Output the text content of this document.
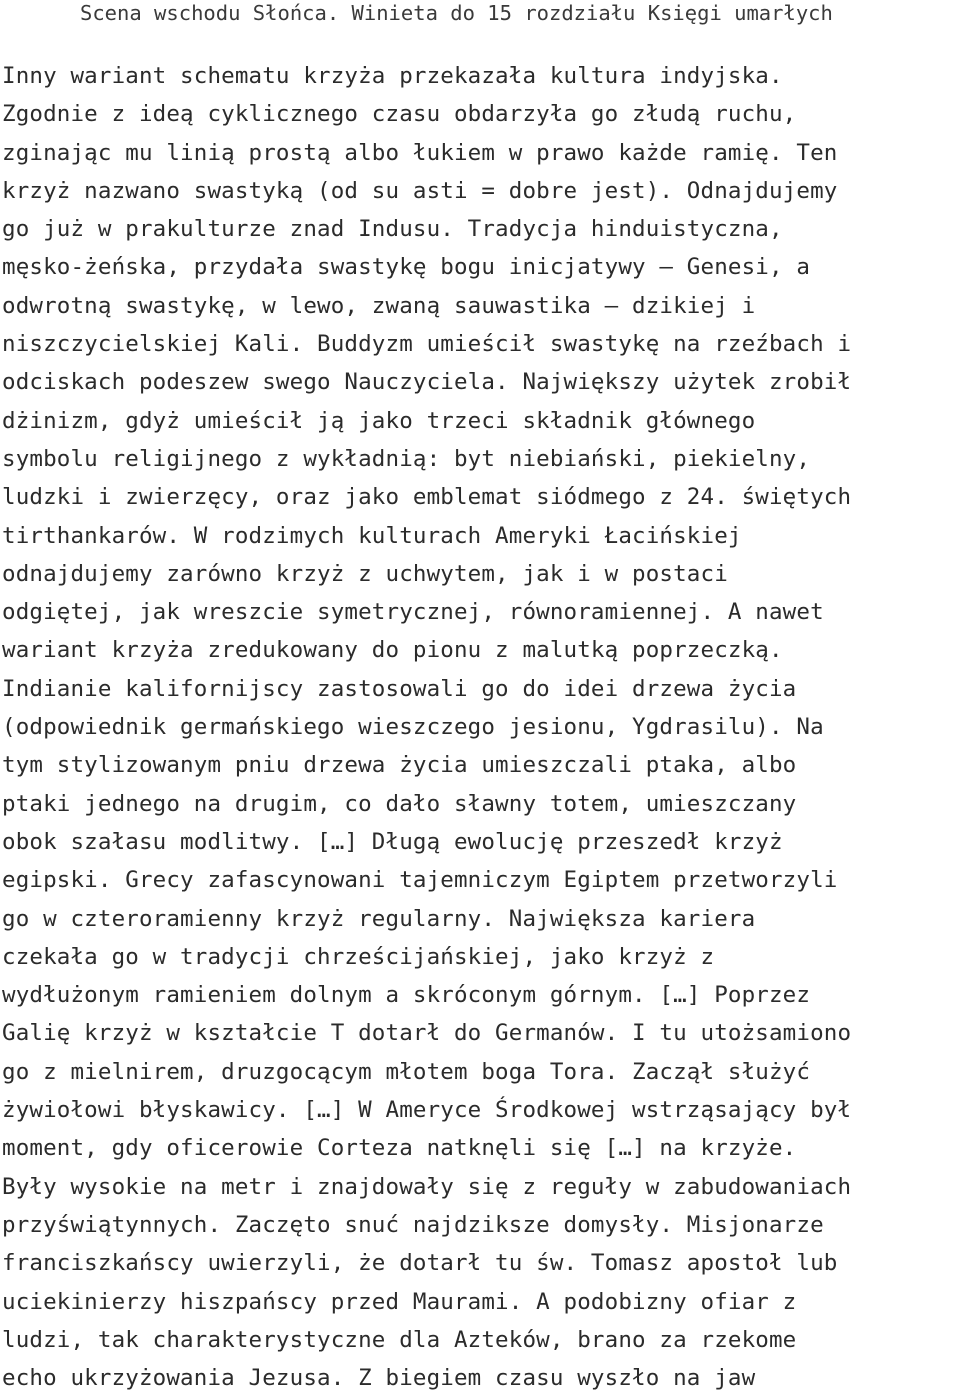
Scena wschodu Słońca. Winieta do 15 rozdziału Księgi umarłych
Inny wariant schematu krzyża przekazała kultura indyjska.
Zgodnie z ideą cyklicznego czasu obdarzyła go złudą ruchu,
zginając mu linią prostą albo łukiem w prawo każde ramię. Ten
krzyż nazwano swastyką (od su asti = dobre jest). Odnajdujemy
go już w prakulturze znad Indusu. Tradycja hinduistyczna,
męsko-żeńska, przydała swastykę bogu inicjatywy – Genesi, a
odwrotną swastykę, w lewo, zwaną sauwastika – dzikiej i
niszczycielskiej Kali. Buddyzm umieścił swastykę na rzeźbach i
odciskach podeszew swego Nauczyciela. Największy użytek zrobił
dżinizm, gdyż umieścił ją jako trzeci składnik głównego
symbolu religijnego z wykładnią: byt niebiański, piekielny,
ludzki i zwierzęcy, oraz jako emblemat siódmego z 24. świętych
tirthankarów. W rodzimych kulturach Ameryki Łacińskiej
odnajdujemy zarówno krzyż z uchwytem, jak i w postaci
odgiętej, jak wreszcie symetrycznej, równoramiennej. A nawet
wariant krzyża zredukowany do pionu z malutką poprzeczką.
Indianie kalifornijscy zastosowali go do idei drzewa życia
(odpowiednik germańskiego wieszczego jesionu, Ygdrasilu). Na
tym stylizowanym pniu drzewa życia umieszczali ptaka, albo
ptaki jednego na drugim, co dało sławny totem, umieszczany
obok szałasu modlitwy. […] Długą ewolucję przeszedł krzyż
egipski. Grecy zafascynowani tajemniczym Egiptem przetworzyli
go w czteroramienny krzyż regularny. Największa kariera
czekała go w tradycji chrześcijańskiej, jako krzyż z
wydłużonym ramieniem dolnym a skróconym górnym. […] Poprzez
Galię krzyż w kształcie T dotarł do Germanów. I tu utożsamiono
go z mielnirem, druzgocącym młotem boga Tora. Zaczął służyć
żywiołowi błyskawicy. […] W Ameryce Środkowej wstrząsający był
moment, gdy oficerowie Corteza natknęli się […] na krzyże.
Były wysokie na metr i znajdowały się z reguły w zabudowaniach
przyświątynnych. Zaczęto snuć najdziksze domysły. Misjonarze
franciszkańscy uwierzyli, że dotarł tu św. Tomasz apostoł lub
uciekinierzy hiszpańscy przed Maurami. A podobizny ofiar z
ludzi, tak charakterystyczne dla Azteków, brano za rzekome
echo ukrzyżowania Jezusa. Z biegiem czasu wyszło na jaw
